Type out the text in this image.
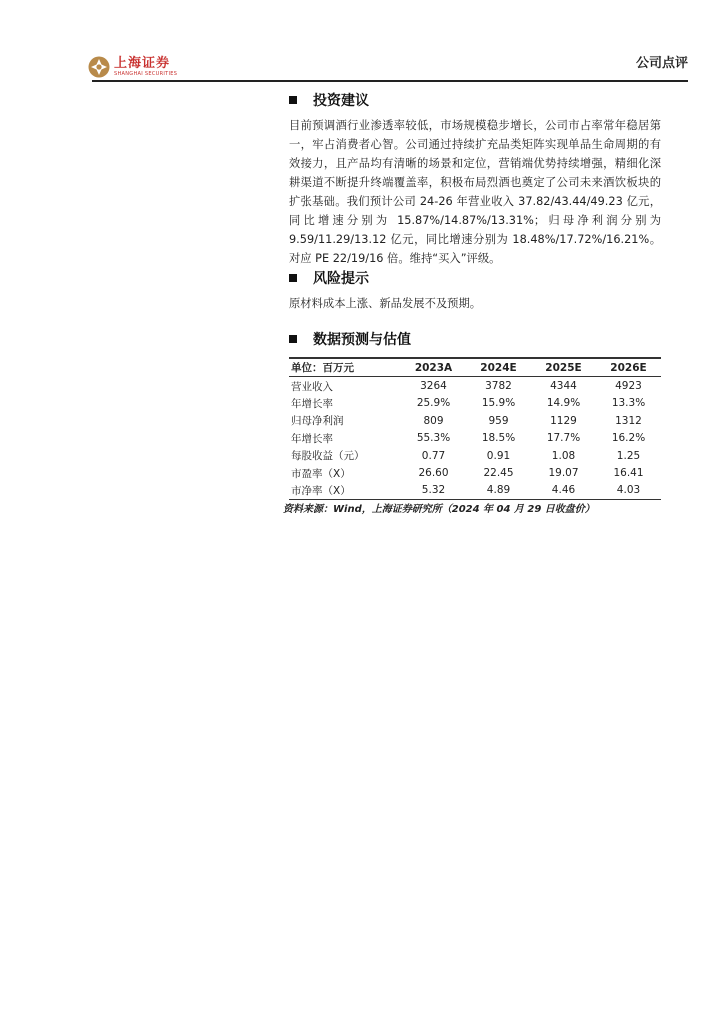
上海证券
SHANGHAI SECURITIES
公司点评
投资建议

目前预调酒行业渗透率较低，市场规模稳步增长，公司市占率常年稳居第一，牢占消费者心智。公司通过持续扩充品类矩阵实现单品生命周期的有效接力，且产品均有清晰的场景和定位，营销端优势持续增强，精细化深耕渠道不断提升终端覆盖率，积极布局烈酒也奠定了公司未来酒饮板块的扩张基础。我们预计公司 24-26 年营业收入 37.82/43.44/49.23 亿元，同比增速分别为 15.87%/14.87%/13.31%；归母净利润分别为 9.59/11.29/13.12 亿元，同比增速分别为 18.48%/17.72%/16.21%。对应 PE 22/19/16 倍。维持“买入”评级。

风险提示

原材料成本上涨、新品发展不及预期。

数据预测与估值
单位：百万元	2023A	2024E	2025E	2026E
营业收入	3264	3782	4344	4923
年增长率	25.9%	15.9%	14.9%	13.3%
归母净利润	809	959	1129	1312
年增长率	55.3%	18.5%	17.7%	16.2%
每股收益（元）	0.77	0.91	1.08	1.25
市盈率（X）	26.60	22.45	19.07	16.41
市净率（X）	5.32	4.89	4.46	4.03
资料来源：Wind，上海证券研究所（2024 年 04 月 29 日收盘价）
